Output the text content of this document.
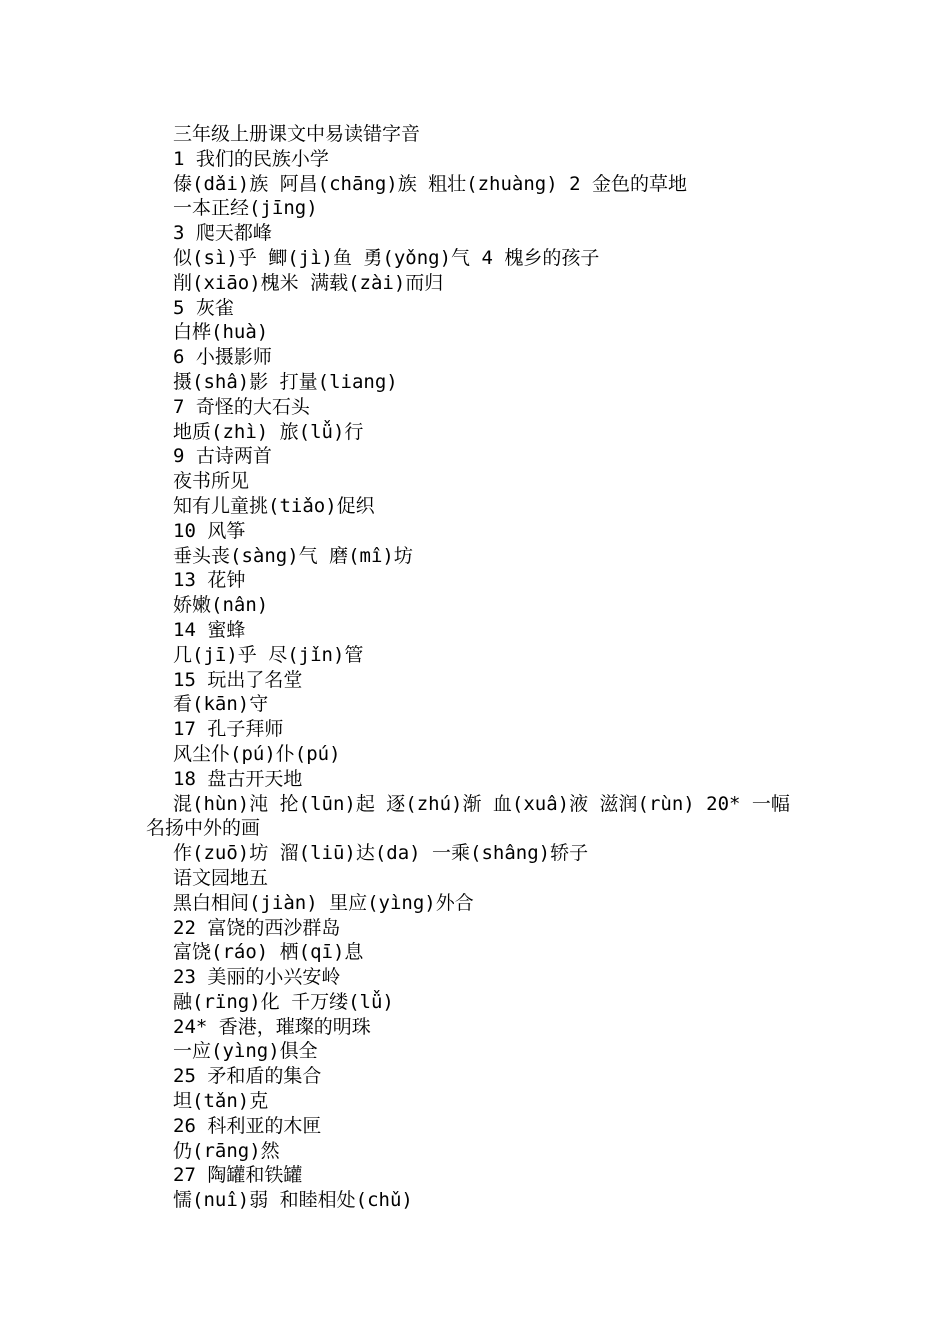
三年级上册课文中易读错字音
1 我们的民族小学
傣(dǎi)族 阿昌(chāng)族 粗壮(zhuàng) 2 金色的草地
一本正经(jīng)
3 爬天都峰
似(sì)乎 鲫(jì)鱼 勇(yǒng)气 4 槐乡的孩子
削(xiāo)槐米 满载(zài)而归
5 灰雀
白桦(huà)
6 小摄影师
摄(shâ)影 打量(liang)
7 奇怪的大石头
地质(zhì) 旅(lǚ)行
9 古诗两首
夜书所见
知有儿童挑(tiǎo)促织
10 风筝
垂头丧(sàng)气 磨(mî)坊
13 花钟
娇嫩(nân)
14 蜜蜂
几(jī)乎 尽(jǐn)管
15 玩出了名堂
看(kān)守
17 孔子拜师
风尘仆(pú)仆(pú)
18 盘古开天地
混(hùn)沌 抡(lūn)起 逐(zhú)渐 血(xuâ)液 滋润(rùn) 20* 一幅
名扬中外的画
作(zuō)坊 溜(liū)达(da) 一乘(shâng)轿子
语文园地五
黑白相间(jiàn) 里应(yìng)外合
22 富饶的西沙群岛
富饶(ráo) 栖(qī)息
23 美丽的小兴安岭
融(rïng)化 千万缕(lǚ)
24* 香港，璀璨的明珠
一应(yìng)俱全
25 矛和盾的集合
坦(tǎn)克
26 科利亚的木匣
仍(rāng)然
27 陶罐和铁罐
懦(nuî)弱 和睦相处(chǔ)
